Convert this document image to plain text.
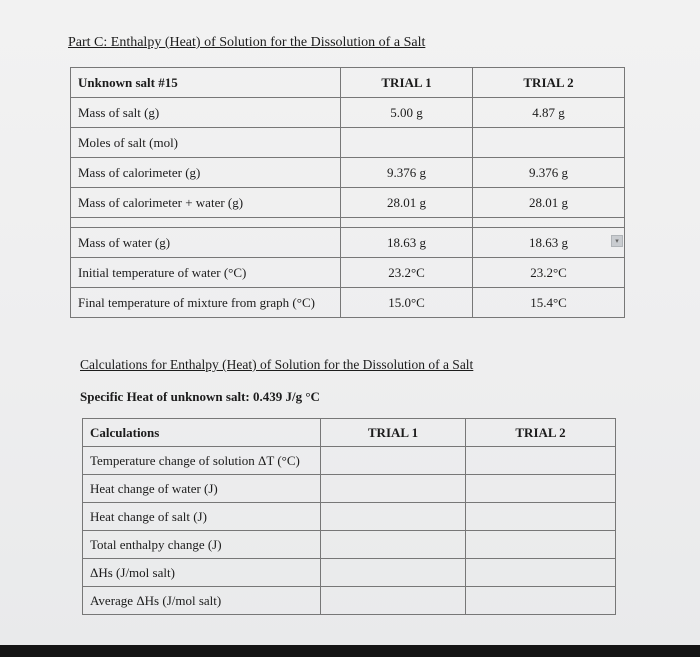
Part C: Enthalpy (Heat) of Solution for the Dissolution of a Salt
Unknown salt #15	TRIAL 1	TRIAL 2
Mass of salt (g)	5.00 g	4.87 g
Moles of salt (mol)		
Mass of calorimeter (g)	9.376 g	9.376 g
Mass of calorimeter + water (g)	28.01 g	28.01 g

Mass of water (g)	18.63 g	18.63 g
Initial temperature of water (°C)	23.2°C	23.2°C
Final temperature of mixture from graph (°C)	15.0°C	15.4°C
▾
Calculations for Enthalpy (Heat) of Solution for the Dissolution of a Salt
Specific Heat of unknown salt: 0.439 J/g °C
Calculations	TRIAL 1	TRIAL 2
Temperature change of solution ΔT (°C)		
Heat change of water (J)		
Heat change of salt (J)		
Total enthalpy change (J)		
ΔHs (J/mol salt)		
Average ΔHs (J/mol salt)		
